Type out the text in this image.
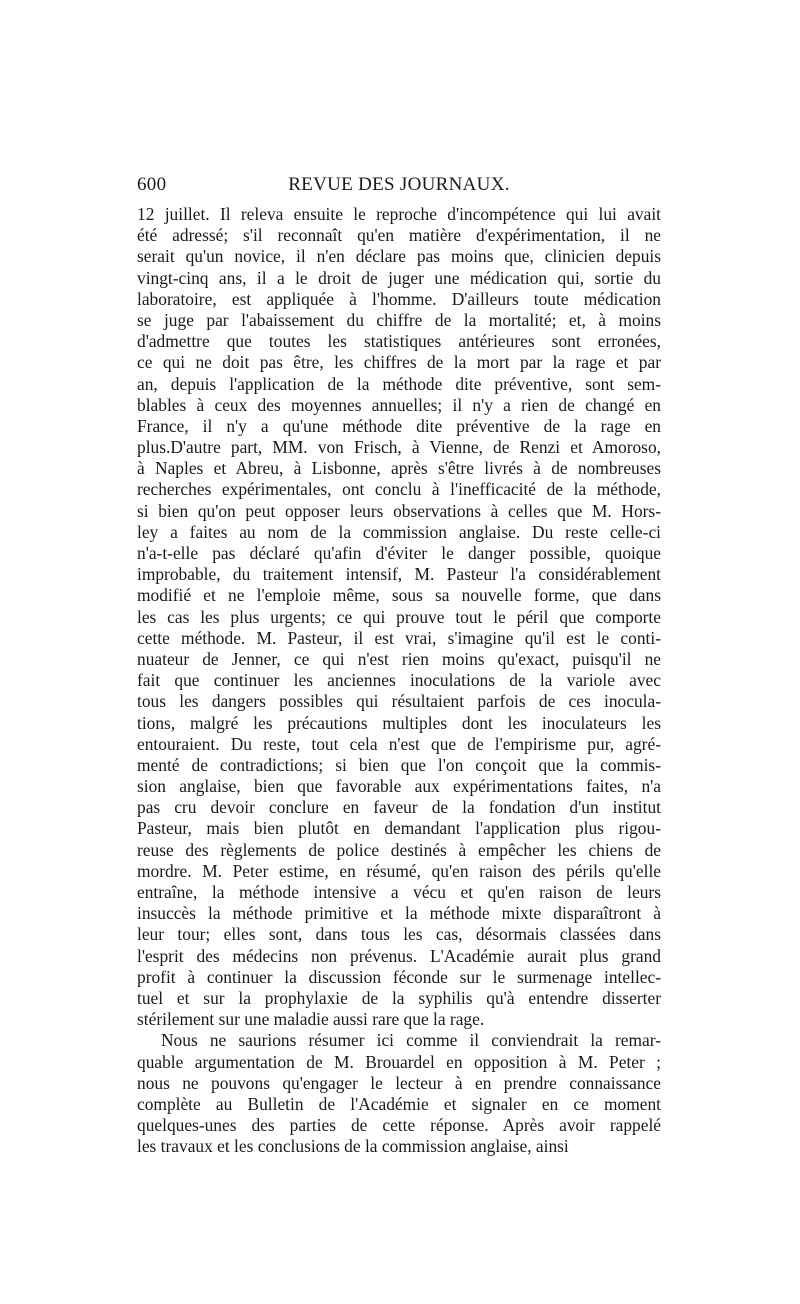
600	REVUE DES JOURNAUX.
12 juillet. Il releva ensuite le reproche d'incompétence qui lui avait
été adressé; s'il reconnaît qu'en matière d'expérimentation, il ne
serait qu'un novice, il n'en déclare pas moins que, clinicien depuis
vingt-cinq ans, il a le droit de juger une médication qui, sortie du
laboratoire, est appliquée à l'homme. D'ailleurs toute médication
se juge par l'abaissement du chiffre de la mortalité; et, à moins
d'admettre que toutes les statistiques antérieures sont erronées,
ce qui ne doit pas être, les chiffres de la mort par la rage et par
an, depuis l'application de la méthode dite préventive, sont sem-
blables à ceux des moyennes annuelles; il n'y a rien de changé en
France, il n'y a qu'une méthode dite préventive de la rage en
plus.D'autre part, MM. von Frisch, à Vienne, de Renzi et Amoroso,
à Naples et Abreu, à Lisbonne, après s'être livrés à de nombreuses
recherches expérimentales, ont conclu à l'inefficacité de la méthode,
si bien qu'on peut opposer leurs observations à celles que M. Hors-
ley a faites au nom de la commission anglaise. Du reste celle-ci
n'a-t-elle pas déclaré qu'afin d'éviter le danger possible, quoique
improbable, du traitement intensif, M. Pasteur l'a considérablement
modifié et ne l'emploie même, sous sa nouvelle forme, que dans
les cas les plus urgents; ce qui prouve tout le péril que comporte
cette méthode. M. Pasteur, il est vrai, s'imagine qu'il est le conti-
nuateur de Jenner, ce qui n'est rien moins qu'exact, puisqu'il ne
fait que continuer les anciennes inoculations de la variole avec
tous les dangers possibles qui résultaient parfois de ces inocula-
tions, malgré les précautions multiples dont les inoculateurs les
entouraient. Du reste, tout cela n'est que de l'empirisme pur, agré-
menté de contradictions; si bien que l'on conçoit que la commis-
sion anglaise, bien que favorable aux expérimentations faites, n'a
pas cru devoir conclure en faveur de la fondation d'un institut
Pasteur, mais bien plutôt en demandant l'application plus rigou-
reuse des règlements de police destinés à empêcher les chiens de
mordre. M. Peter estime, en résumé, qu'en raison des périls qu'elle
entraîne, la méthode intensive a vécu et qu'en raison de leurs
insuccès la méthode primitive et la méthode mixte disparaîtront à
leur tour; elles sont, dans tous les cas, désormais classées dans
l'esprit des médecins non prévenus. L'Académie aurait plus grand
profit à continuer la discussion féconde sur le surmenage intellec-
tuel et sur la prophylaxie de la syphilis qu'à entendre disserter
stérilement sur une maladie aussi rare que la rage.
Nous ne saurions résumer ici comme il conviendrait la remar-
quable argumentation de M. Brouardel en opposition à M. Peter ;
nous ne pouvons qu'engager le lecteur à en prendre connaissance
complète au Bulletin de l'Académie et signaler en ce moment
quelques-unes des parties de cette réponse. Après avoir rappelé
les travaux et les conclusions de la commission anglaise, ainsi
